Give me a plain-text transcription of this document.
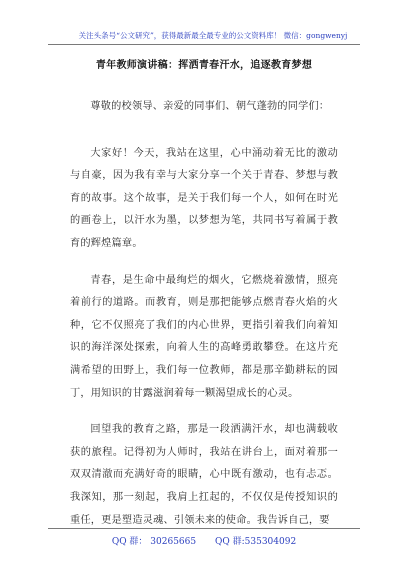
关注头条号“公文研究”，获得最新最全最专业的公文资料库！ 微信：gongwenyj
青年教师演讲稿：挥洒青春汗水，追逐教育梦想

尊敬的校领导、亲爱的同事们、朝气蓬勃的同学们：

大家好！今天，我站在这里，心中涌动着无比的激动与自豪，因为我有幸与大家分享一个关于青春、梦想与教育的故事。这个故事，是关于我们每一个人，如何在时光的画卷上，以汗水为墨，以梦想为笔，共同书写着属于教育的辉煌篇章。

青春，是生命中最绚烂的烟火，它燃烧着激情，照亮着前行的道路。而教育，则是那把能够点燃青春火焰的火种，它不仅照亮了我们的内心世界，更指引着我们向着知识的海洋深处探索，向着人生的高峰勇敢攀登。在这片充满希望的田野上，我们每一位教师，都是那辛勤耕耘的园丁，用知识的甘露滋润着每一颗渴望成长的心灵。

回望我的教育之路，那是一段洒满汗水，却也满载收获的旅程。记得初为人师时，我站在讲台上，面对着那一双双清澈而充满好奇的眼睛，心中既有激动，也有忐忑。我深知，那一刻起，我肩上扛起的，不仅仅是传授知识的重任，更是塑造灵魂、引领未来的使命。我告诉自己，要

QQ 群： 30265665 QQ 群:535304092
